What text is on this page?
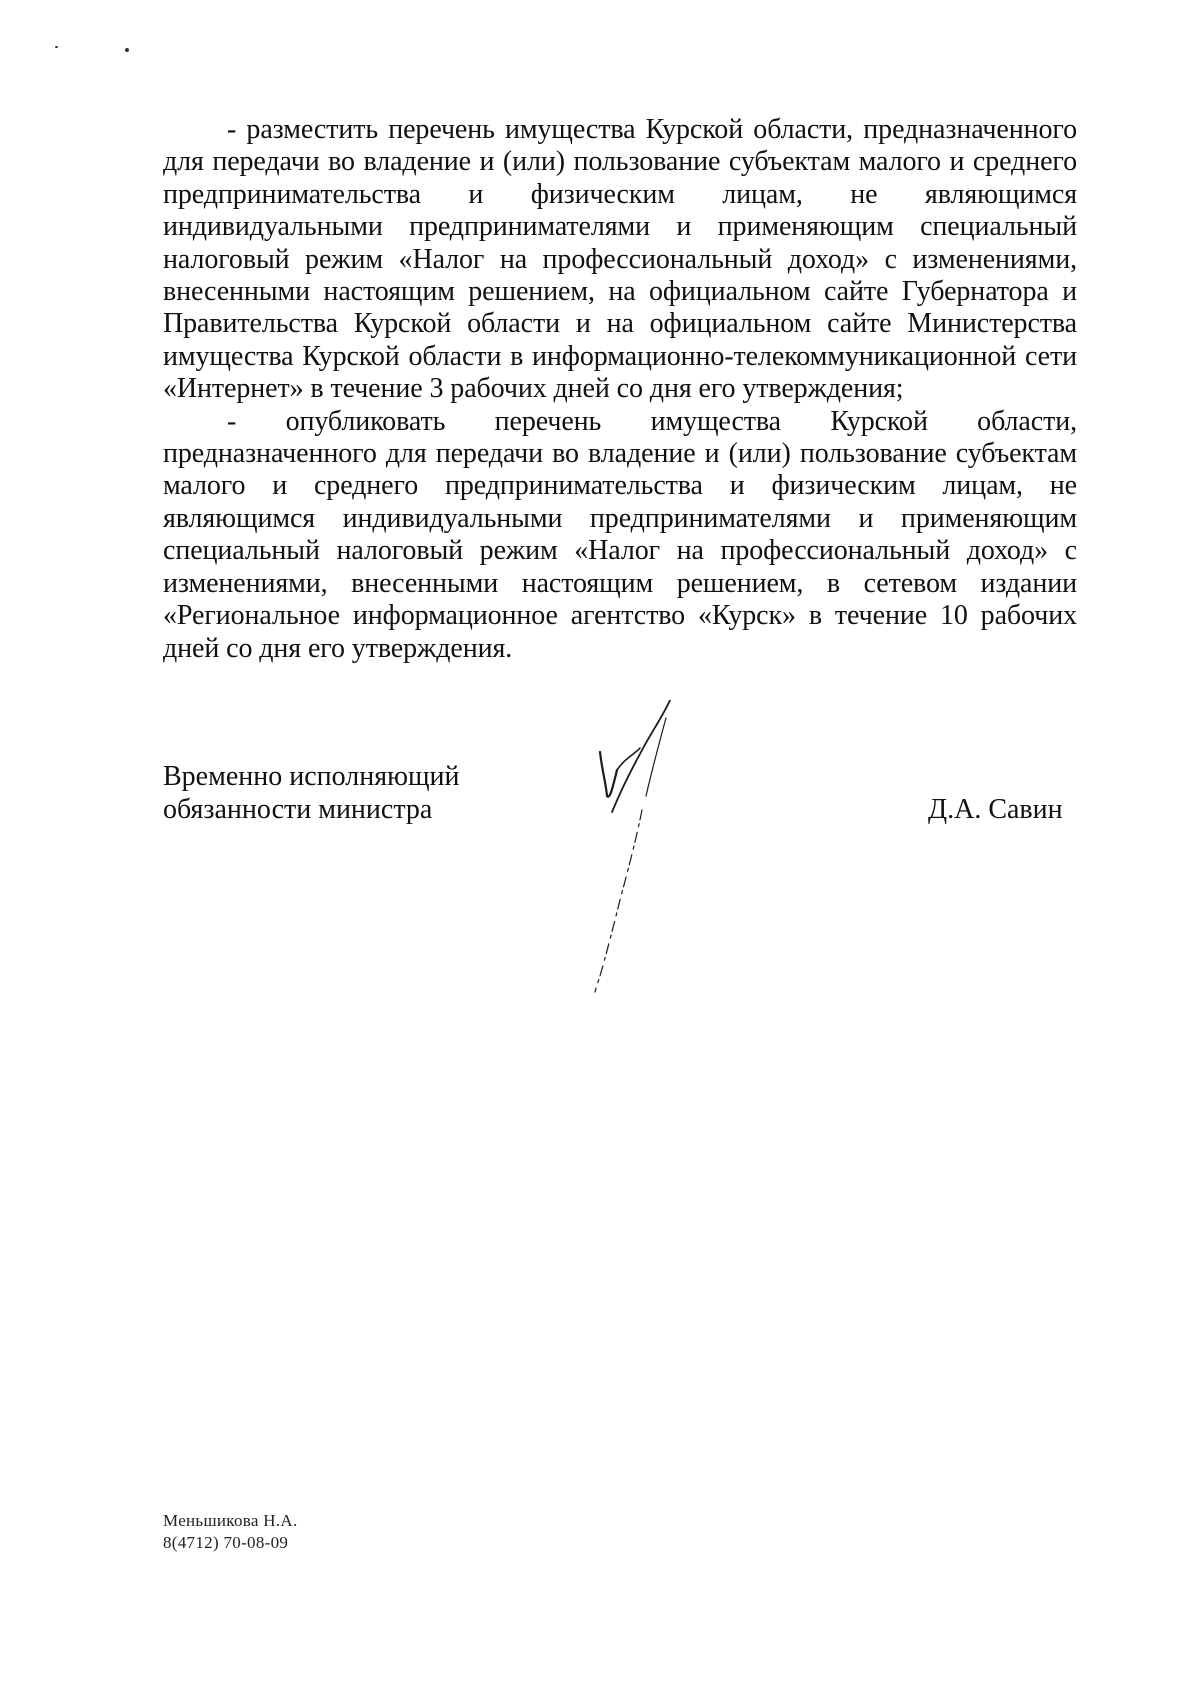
- разместить перечень имущества Курской области, предназначенного для передачи во владение и (или) пользование субъектам малого и среднего предпринимательства и физическим лицам, не являющимся индивидуальными предпринимателями и применяющим специальный налоговый режим «Налог на профессиональный доход» с изменениями, внесенными настоящим решением, на официальном сайте Губернатора и Правительства Курской области и на официальном сайте Министерства имущества Курской области в информационно-телекоммуникационной сети «Интернет» в течение 3 рабочих дней со дня его утверждения;

- опубликовать перечень имущества Курской области, предназначенного для передачи во владение и (или) пользование субъектам малого и среднего предпринимательства и физическим лицам, не являющимся индивидуальными предпринимателями и применяющим специальный налоговый режим «Налог на профессиональный доход» с изменениями, внесенными настоящим решением, в сетевом издании «Региональное информационное агентство «Курск» в течение 10 рабочих дней со дня его утверждения.

Временно исполняющий
обязанности министра	Д.А. Савин
Меньшикова Н.А.
8(4712) 70-08-09
